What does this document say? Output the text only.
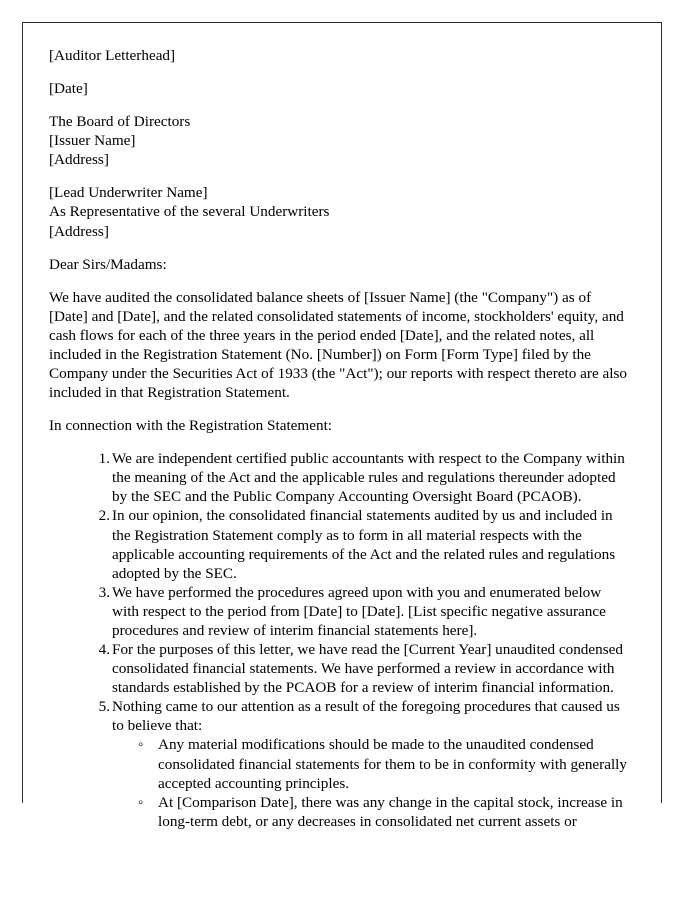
[Auditor Letterhead]
[Date]
The Board of Directors
[Issuer Name]
[Address]
[Lead Underwriter Name]
As Representative of the several Underwriters
[Address]
Dear Sirs/Madams:

We have audited the consolidated balance sheets of [Issuer Name] (the "Company") as of [Date] and [Date], and the related consolidated statements of income, stockholders' equity, and cash flows for each of the three years in the period ended [Date], and the related notes, all included in the Registration Statement (No. [Number]) on Form [Form Type] filed by the Company under the Securities Act of 1933 (the "Act"); our reports with respect thereto are also included in that Registration Statement.

In connection with the Registration Statement:

We are independent certified public accountants with respect to the Company within the meaning of the Act and the applicable rules and regulations thereunder adopted by the SEC and the Public Company Accounting Oversight Board (PCAOB).
In our opinion, the consolidated financial statements audited by us and included in the Registration Statement comply as to form in all material respects with the applicable accounting requirements of the Act and the related rules and regulations adopted by the SEC.
We have performed the procedures agreed upon with you and enumerated below with respect to the period from [Date] to [Date]. [List specific negative assurance procedures and review of interim financial statements here].
For the purposes of this letter, we have read the [Current Year] unaudited condensed consolidated financial statements. We have performed a review in accordance with standards established by the PCAOB for a review of interim financial information.
Nothing came to our attention as a result of the foregoing procedures that caused us to believe that:
◦ Any material modifications should be made to the unaudited condensed consolidated financial statements for them to be in conformity with generally accepted accounting principles.
◦ At [Comparison Date], there was any change in the capital stock, increase in long-term debt, or any decreases in consolidated net current assets or
